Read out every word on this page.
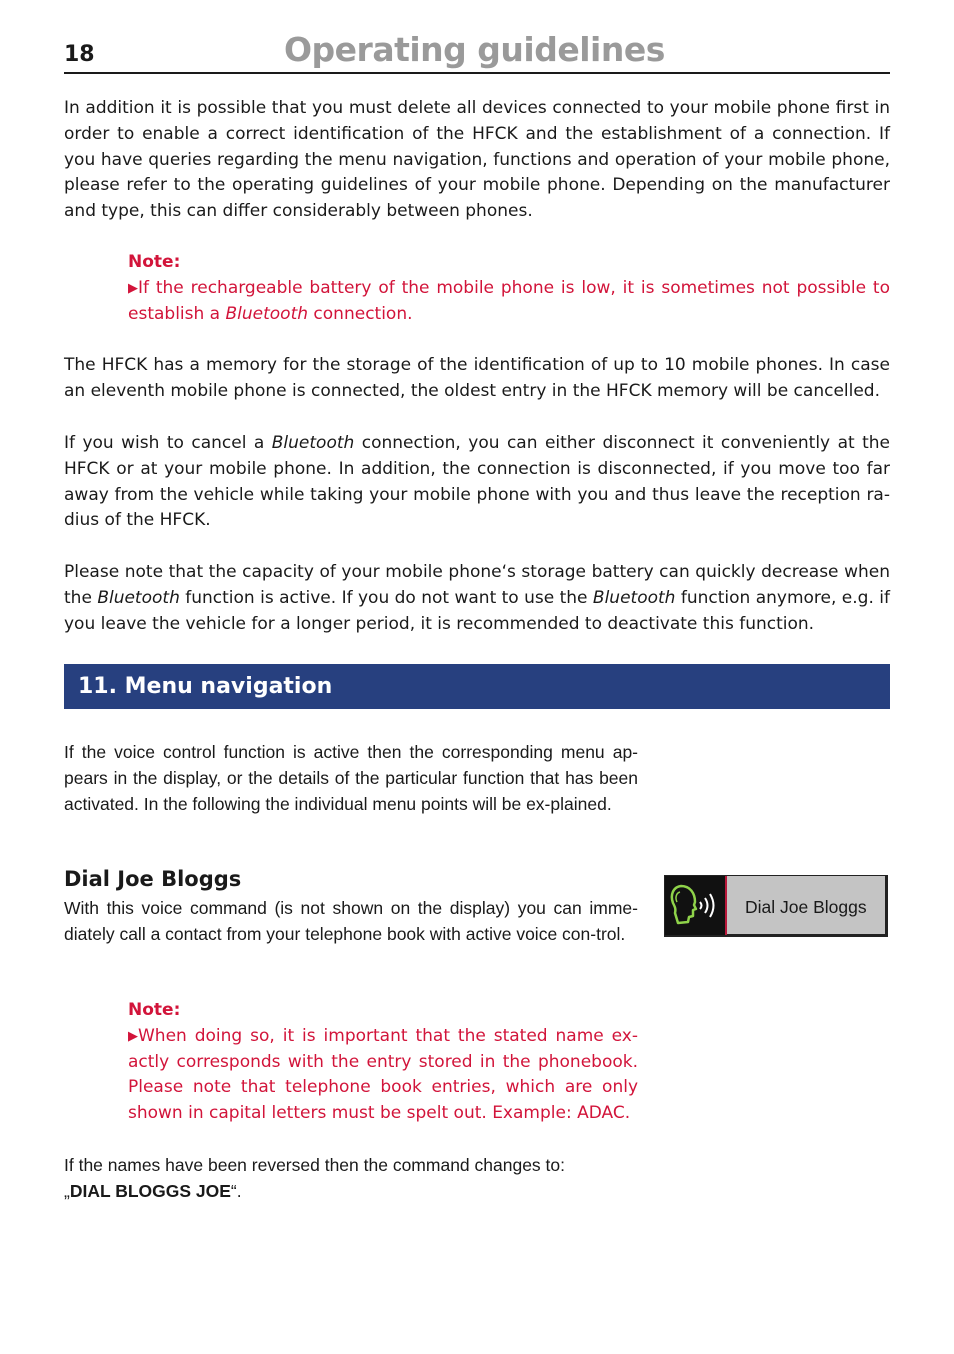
18	Operating guidelines

In addition it is possible that you must delete all devices connected to your mobile phone first in order to enable a correct identification of the HFCK and the establishment of a connection. If you have queries regarding the menu navigation, functions and operation of your mobile phone, please refer to the operating guidelines of your mobile phone. Depending on the manufacturer and type, this can differ considerably between phones.

Note:
▶If the rechargeable battery of the mobile phone is low, it is sometimes not possible to establish a Bluetooth connection.

The HFCK has a memory for the storage of the identification of up to 10 mobile phones. In case an eleventh mobile phone is connected, the oldest entry in the HFCK memory will be cancelled.

If you wish to cancel a Bluetooth connection, you can either disconnect it conveniently at the HFCK or at your mobile phone. In addition, the connection is disconnected, if you move too far away from the vehicle while taking your mobile phone with you and thus leave the reception ra-dius of the HFCK.

Please note that the capacity of your mobile phone‘s storage battery can quickly decrease when the Bluetooth function is active. If you do not want to use the Bluetooth function anymore, e.g. if you leave the vehicle for a longer period, it is recommended to deactivate this function.

11. Menu navigation

If the voice control function is active then the corresponding menu ap-pears in the display, or the details of the particular function that has been activated. In the following the individual menu points will be ex-plained.

Dial Joe Bloggs

With this voice command (is not shown on the display) you can imme-diately call a contact from your telephone book with active voice con-trol.

Dial Joe Bloggs

Note:
▶When doing so, it is important that the stated name ex-actly corresponds with the entry stored in the phonebook. Please note that telephone book entries, which are only shown in capital letters must be spelt out. Example: ADAC.

If the names have been reversed then the command changes to:
„DIAL BLOGGS JOE“.
